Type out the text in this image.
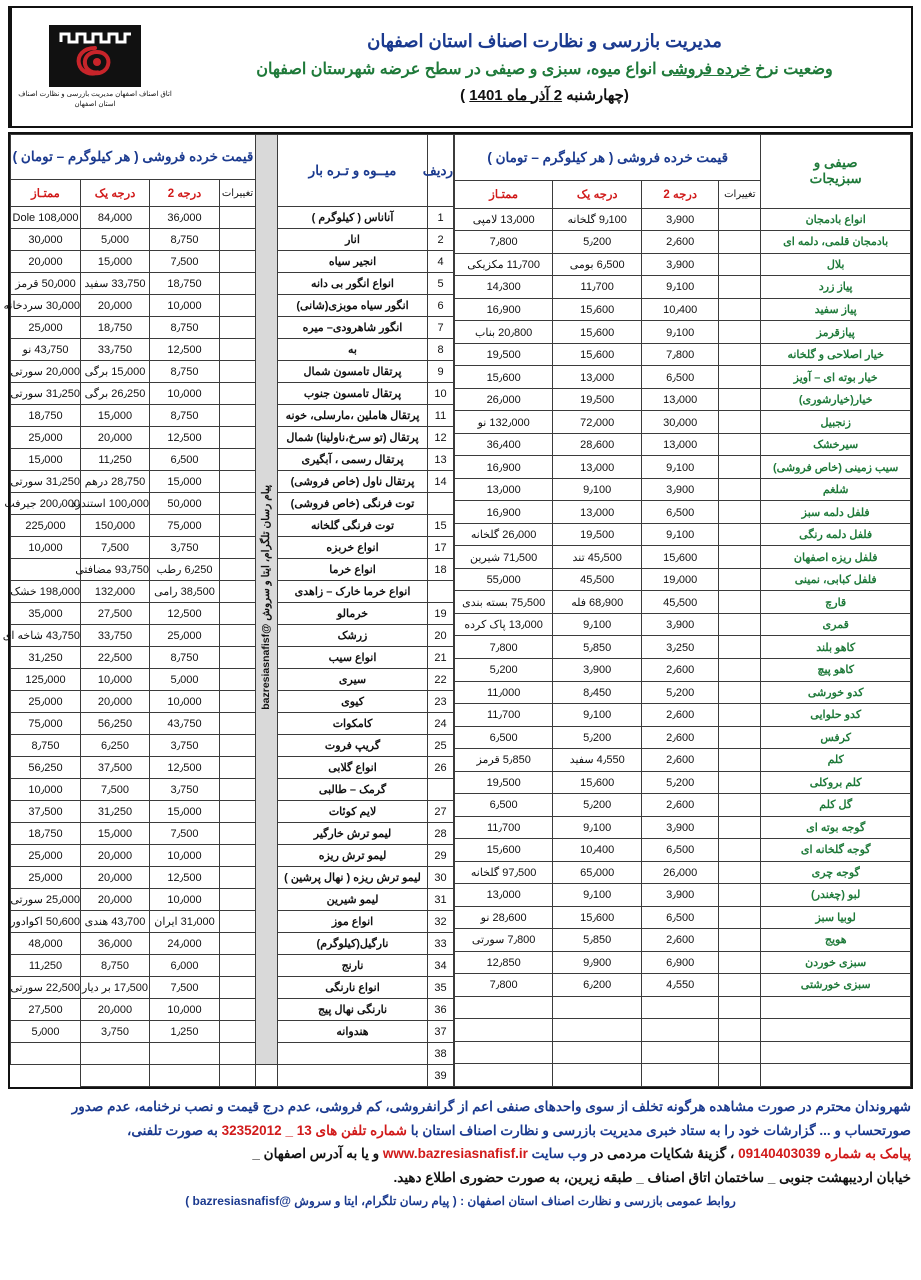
اتاق اصناف اصفهان مدیریت بازرسی و نظارت اصناف استان اصفهان
مدیریت بازرسی و نظارت اصناف استان اصفهان
وضعیت نرخ خرده فروشی انواع میوه، سبزی و صیفی در سطح عرضه شهرستان اصفهان
(چهارشنبه 2 آذر ماه 1401 )
ردیف	میــوه و تـره بار	پیام رسان تلگرام، ایتا و سروش @bazresiasnafisf	قیمت خرده فروشی ( هر کیلوگرم – تومان )			
			تغییرات	درجه 2	درجه یک	ممتـاز
1	آناناس ( کیلوگرم )			36٫000	84٫000	108٫000 Dole
2	انار			8٫750	5٫000	30٫000
4	انجیر سیاه			7٫500	15٫000	20٫000
5	انواع انگور بی دانه			18٫750	33٫750 سفید	50٫000 قرمز
6	انگور سیاه موبزی(شانی)			10٫000	20٫000	30٫000 سردخانه
7	انگور شاهرودی– میره			8٫750	18٫750	25٫000
8	به			12٫500	33٫750	43٫750 نو
9	پرتقال تامسون شمال			8٫750	15٫000 برگی	20٫000 سورتی
10	پرتقال تامسون جنوب			10٫000	26٫250 برگی	31٫250 سورتی
11	پرتقال هاملین ،مارسلی، خونه			8٫750	15٫000	18٫750
12	پرتقال (تو سرخ،ناولینا) شمال			12٫500	20٫000	25٫000
13	پرتقال رسمی ، آبگیری			6٫500	11٫250	15٫000
14	پرتقال ناول (خاص فروشی)			15٫000	28٫750 درهم	31٫250 سورتی
	توت فرنگی (خاص فروشی)			50٫000	100٫000 استندرد	200٫000 جیرفت
15	توت فرنگی گلخانه			75٫000	150٫000	225٫000
17	انواع خربزه			3٫750	7٫500	10٫000
18	انواع خرما			6٫250 رطب	93٫750 مضافتی	
	انواع خرما خارک – زاهدی			38٫500 رامی	132٫000	198٫000 خشک
19	خرمالو			12٫500	27٫500	35٫000
20	زرشک			25٫000	33٫750	43٫750 شاخه ای
21	انواع سیب			8٫750	22٫500	31٫250
22	سیری			5٫000	10٫000	125٫000
23	کیوی			10٫000	20٫000	25٫000
24	کامکوات			43٫750	56٫250	75٫000
25	گریپ فروت			3٫750	6٫250	8٫750
26	انواع گلابی			12٫500	37٫500	56٫250
	گرمک – طالبی			3٫750	7٫500	10٫000
27	لایم کوئات			15٫000	31٫250	37٫500
28	لیمو ترش خارگیر			7٫500	15٫000	18٫750
29	لیمو ترش ریزه			10٫000	20٫000	25٫000
30	لیمو ترش ریزه ( نهال پرشین )			12٫500	20٫000	25٫000
31	لیمو شیرین			10٫000	20٫000	25٫000 سورتی
32	انواع موز			31٫000 ایران	43٫700 هندی	50٫600 اکوادور
33	نارگیل(کیلوگرم)			24٫000	36٫000	48٫000
34	نارنج			6٫000	8٫750	11٫250
35	انواع نارنگی			7٫500	17٫500 بر دیار	22٫500 سورتی
36	نارنگی نهال پیج			10٫000	20٫000	27٫500
37	هندوانه			1٫250	3٫750	5٫000
38						
39						
صیفی و
سبزیجات	قیمت خرده فروشی ( هر کیلوگرم – تومان )			
	تغییرات	درجه 2	درجه یک	ممتـاز
انواع بادمجان		3٫900	9٫100 گلخانه	13٫000 لامپی
بادمجان قلمی، دلمه ای		2٫600	5٫200	7٫800
بلال		3٫900	6٫500 بومی	11٫700 مکزیکی
پیاز زرد		9٫100	11٫700	14٫300
پیاز سفید		10٫400	15٫600	16٫900
پیازقرمز		9٫100	15٫600	20٫800 بناب
خیار اصلاحی و گلخانه		7٫800	15٫600	19٫500
خیار بوته ای – آویز		6٫500	13٫000	15٫600
خیار(خیارشوری)		13٫000	19٫500	26٫000
زنجبیل		30٫000	72٫000	132٫000 نو
سیرخشک		13٫000	28٫600	36٫400
سیب زمینی (خاص فروشی)		9٫100	13٫000	16٫900
شلغم		3٫900	9٫100	13٫000
فلفل دلمه سبز		6٫500	13٫000	16٫900
فلفل دلمه رنگی		9٫100	19٫500	26٫000 گلخانه
فلفل ریزه اصفهان		15٫600	45٫500 تند	71٫500 شیرین
فلفل کبابی، نمینی		19٫000	45٫500	55٫000
قارچ		45٫500	68٫900 فله	75٫500 بسته بندی
قمری		3٫900	9٫100	13٫000 پاک کرده
کاهو بلند		3٫250	5٫850	7٫800
کاهو پیچ		2٫600	3٫900	5٫200
کدو خورشی		5٫200	8٫450	11٫000
کدو حلوایی		2٫600	9٫100	11٫700
کرفس		2٫600	5٫200	6٫500
کلم		2٫600	4٫550 سفید	5٫850 قرمز
کلم بروکلی		5٫200	15٫600	19٫500
گل کلم		2٫600	5٫200	6٫500
گوجه بوته ای		3٫900	9٫100	11٫700
گوجه گلخانه ای		6٫500	10٫400	15٫600
گوجه چری		26٫000	65٫000	97٫500 گلخانه
لبو (چغندر)		3٫900	9٫100	13٫000
لوبیا سبز		6٫500	15٫600	28٫600 نو
هویج		2٫600	5٫850	7٫800 سورتی
سبزی خوردن		6٫900	9٫900	12٫850
سبزی خورشتی		4٫550	6٫200	7٫800

شهروندان محترم در صورت مشاهده هرگونه تخلف از سوی واحدهای صنفی اعم از گرانفروشی، کم فروشی، عدم درج قیمت و نصب نرخنامه، عدم صدور
صورتحساب و ... گزارشات خود را به ستاد خبری مدیریت بازرسی و نظارت اصناف استان با شماره تلفن های 13 _ 32352012 به صورت تلفنی،
پیامک به شماره 09140403039 ، گزینۀ شکایات مردمی در وب سایت www.bazresiasnafisf.ir و یا به آدرس اصفهان _
خیابان اردیبهشت جنوبی _ ساختمان اتاق اصناف _ طبقه زیرین، به صورت حضوری اطلاع دهید.
روابط عمومی بازرسی و نظارت اصناف استان اصفهان : ( پیام رسان تلگرام، ایتا و سروش @bazresiasnafisf )
